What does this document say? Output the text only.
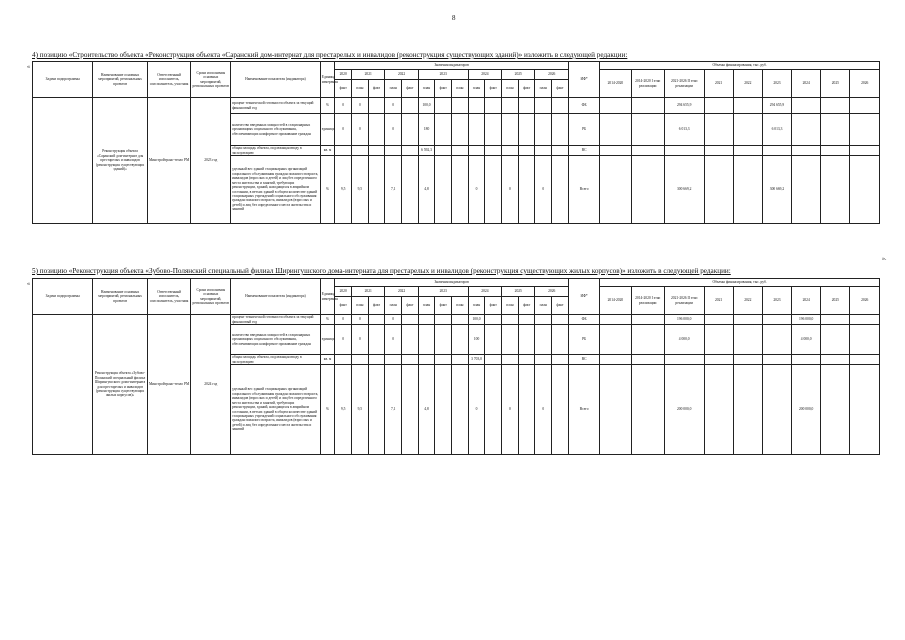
8
4) позицию «Строительство объекта «Реконструкция объекта «Саранский дом-интернат для престарелых и инвалидов (реконструкция существующих зданий)» изложить в следующей редакции:
«
Задачи подпрограммы	Наименование основных мероприятий, региональных проектов	Ответственный исполнитель, соисполнитель, участник	Сроки исполнения основных мероприятий, региональных проектов	Наименование показателя (индикатора)	Единица измерения	Значения индикаторов														ИФ*	Объемы финансирования, тыс. руб.								
						2020	2021		2022		2023			2024		2025		2026			2014-2020	2014-2020 I этап реализации	2021-2026 II этап реализации	2021	2022	2023	2024	2025	2026
						факт	план	факт	план	факт	план	факт	план	план	факт	план	факт	план	факт										
	Реконструкция объекта «Саранский дом-интернат для престарелых и инвалидов (реконструкция существующих зданий)»	Минстройтранс-тепло РМ	2023 год	процент технической готовности объекта за текущий финансовый год	%	0	0		0		100,0									ФБ			294 655,9			294 655,9			
				количество введенных мощностей в стационарных организациях социального обслуживания, обеспечивающих комфортное проживание граждан	единица	0	0		0		180									РБ			6 013,3			6 013,3			
				общая площадь объекта, подлежащая вводу в эксплуатацию	кв. м						6 592,3									ВС									
				удельный вес зданий стационарных организаций социального обслуживания граждан пожилого возраста, инвалидов (взрослых и детей) и лиц без определенного места жительства и занятий, требующих реконструкции, зданий, находящихся в аварийном состоянии, в ветхих зданий в общем количестве зданий стационарных учреждений социального обслуживания граждан пожилого возраста, инвалидов (взрослых и детей) и лиц без определенного места жительства и занятий	%	9,5	9,5		7,1		4,8			0		0		0		Всего			300 669,2			300 669,2			
».
5) позицию «Реконструкция объекта «Зубово-Полянский специальный филиал Ширингушского дома-интерната для престарелых и инвалидов (реконструкция существующих жилых корпусов)» изложить в следующей редакции:
«
Задачи подпрограммы	Наименование основных мероприятий, региональных проектов	Ответственный исполнитель, соисполнитель, участник	Сроки исполнения основных мероприятий, региональных проектов	Наименование показателя (индикатора)	Единица измерения	Значения индикаторов														ИФ*	Объемы финансирования, тыс. руб.								
						2020	2021		2022		2023			2024		2025		2026			2014-2020	2014-2020 I этап реализации	2021-2026 II этап реализации	2021	2022	2023	2024	2025	2026
						факт	план	факт	план	факт	план	факт	план	план	факт	план	факт	план	факт										
	Реконструкция объекта «Зубово-Полянский специальный филиал Ширингушского дома-интерната для престарелых и инвалидов (реконструкция существующих жилых корпусов)»	Минстройтранс-тепло РМ	2024 год	процент технической готовности объекта за текущий финансовый год	%	0	0		0					100,0						ФБ			196 000,0				196 000,0		
				количество введенных мощностей в стационарных организациях социального обслуживания, обеспечивающих комфортное проживание граждан	единица	0	0		0					100						РБ			4 000,0				4 000,0		
				общая площадь объекта, подлежащая вводу в эксплуатацию	кв. м									3 703,0						ВС									
				удельный вес зданий стационарных организаций социального обслуживания граждан пожилого возраста, инвалидов (взрослых и детей) и лиц без определенного места жительства и занятий, требующих реконструкции, зданий, находящихся в аварийном состоянии, в ветхих зданий в общем количестве зданий стационарных учреждений социального обслуживания граждан пожилого возраста, инвалидов (взрослых и детей) и лиц без определенного места жительства и занятий	%	9,5	9,5		7,1		4,8			0		0		0		Всего			200 000,0				200 000,0		
